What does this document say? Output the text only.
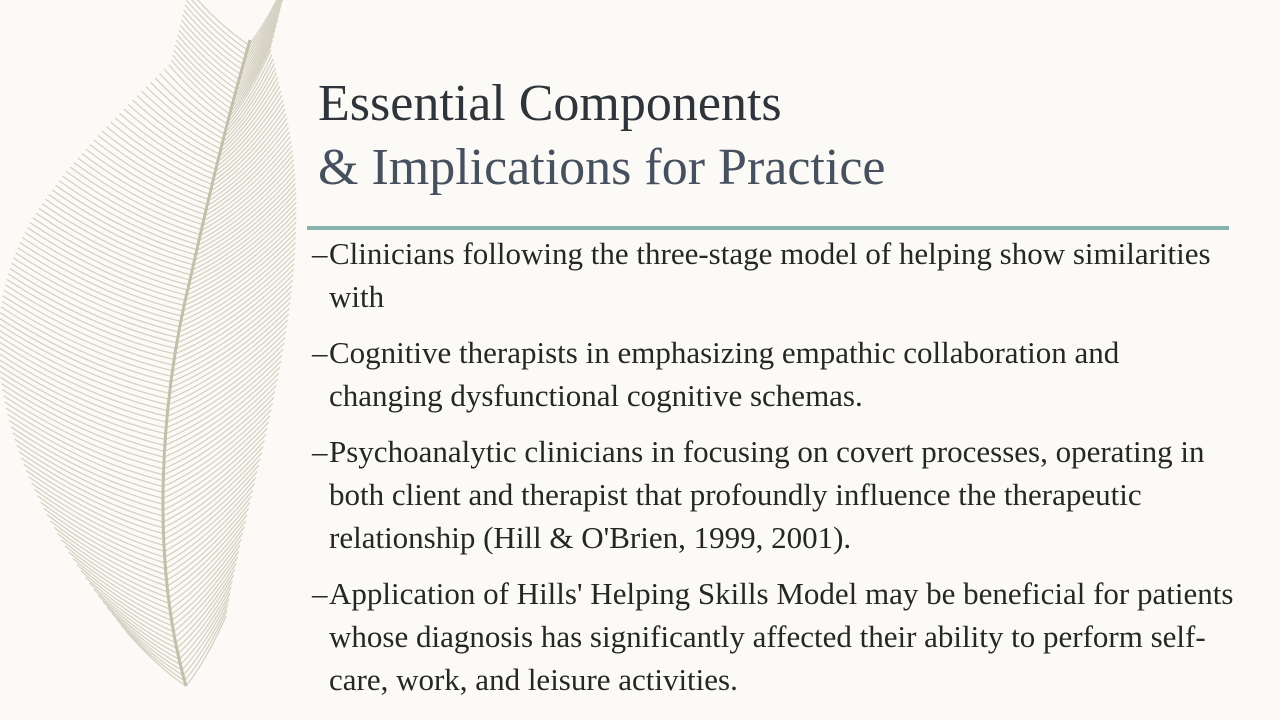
Essential Components
& Implications for Practice
– Clinicians following the three-stage model of helping show similarities with
– Cognitive therapists in emphasizing empathic collaboration and changing dysfunctional cognitive schemas.
– Psychoanalytic clinicians in focusing on covert processes, operating in both client and therapist that profoundly influence the therapeutic relationship (Hill & O'Brien, 1999, 2001).
– Application of Hills' Helping Skills Model may be beneficial for patients whose diagnosis has significantly affected their ability to perform self-care, work, and leisure activities.
